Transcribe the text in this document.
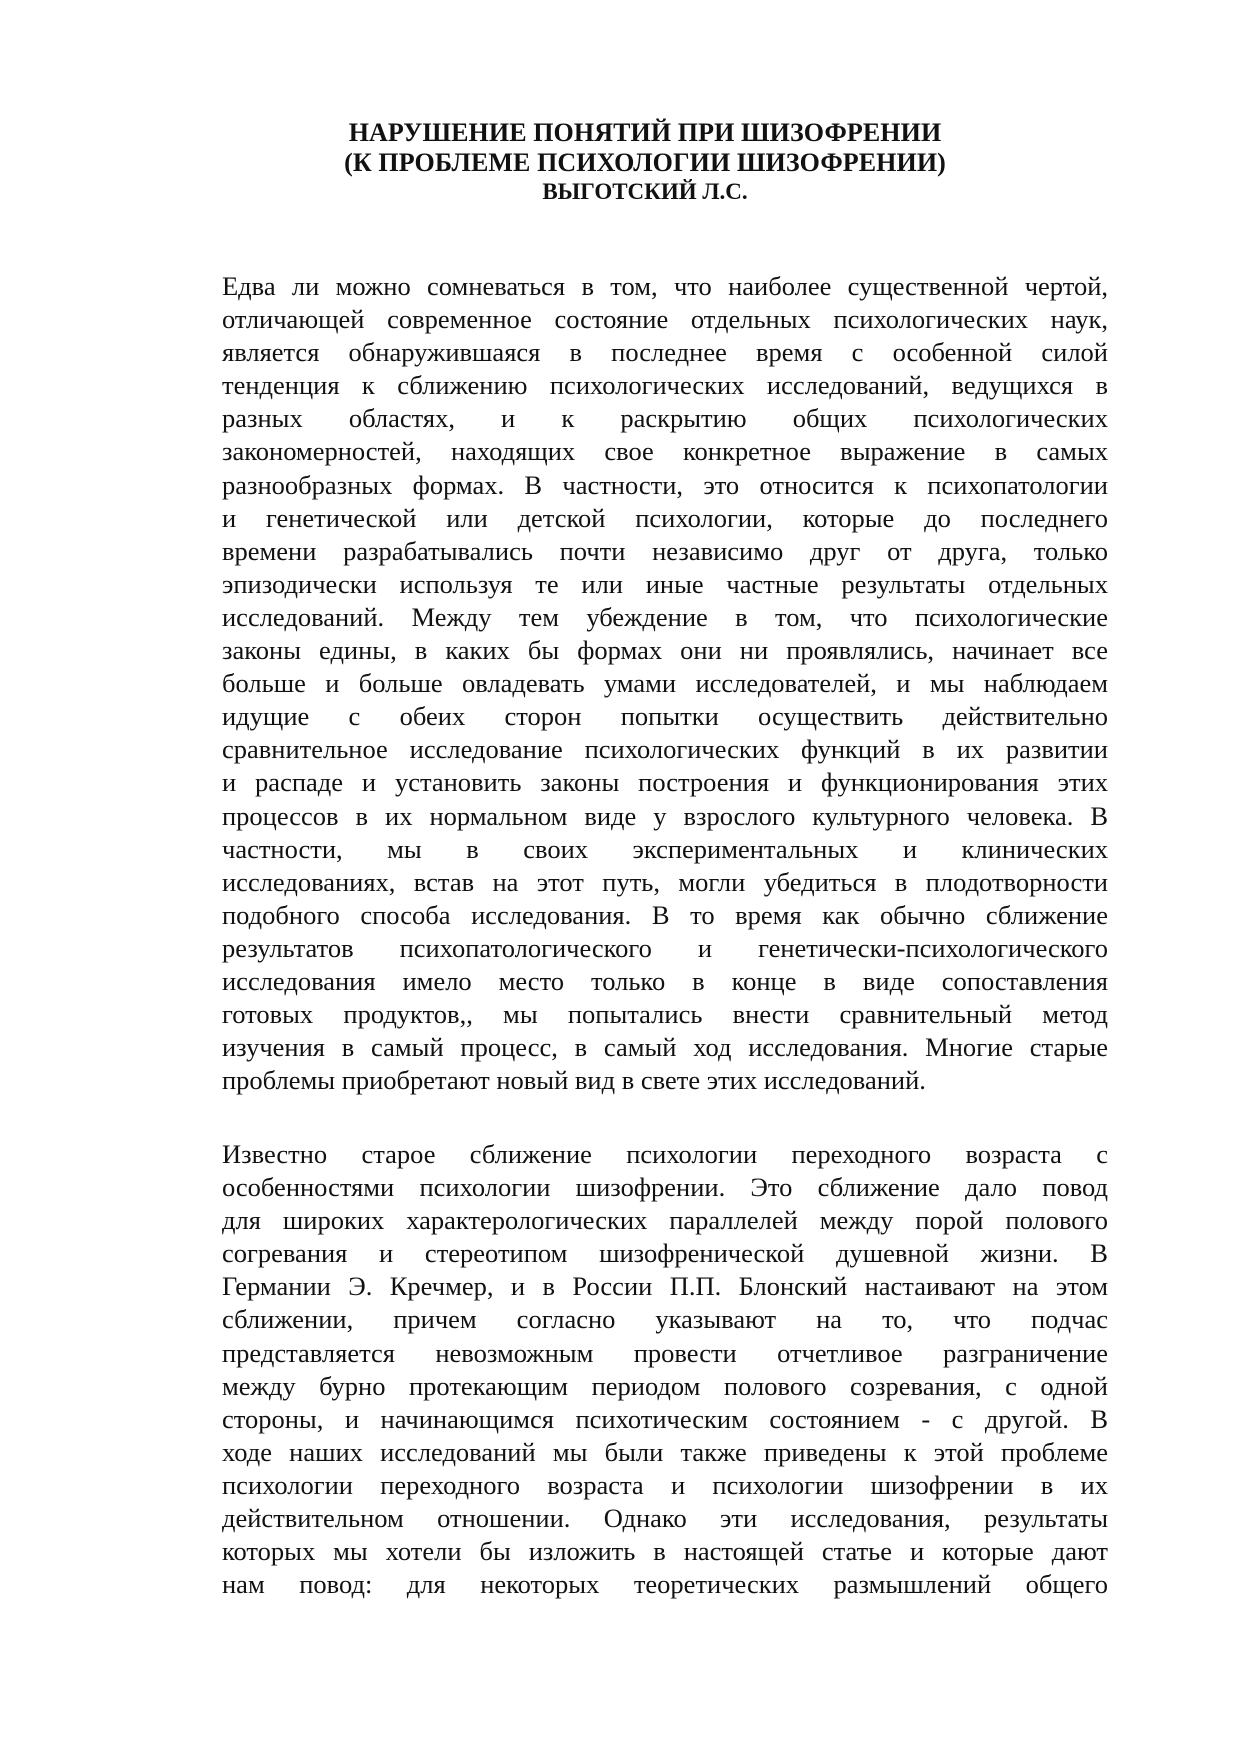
НАРУШЕНИЕ ПОНЯТИЙ ПРИ ШИЗОФРЕНИИ
(К ПРОБЛЕМЕ ПСИХОЛОГИИ ШИЗОФРЕНИИ)
ВЫГОТСКИЙ Л.С.
Едва ли можно сомневаться в том, что наиболее существенной чертой,
отличающей современное состояние отдельных психологических наук,
является обнаружившаяся в последнее время с особенной силой
тенденция к сближению психологических исследований, ведущихся в
разных областях, и к раскрытию общих психологических
закономерностей, находящих свое конкретное выражение в самых
разнообразных формах. В частности, это относится к психопатологии
и генетической или детской психологии, которые до последнего
времени разрабатывались почти независимо друг от друга, только
эпизодически используя те или иные частные результаты отдельных
исследований. Между тем убеждение в том, что психологические
законы едины, в каких бы формах они ни проявлялись, начинает все
больше и больше овладевать умами исследователей, и мы наблюдаем
идущие с обеих сторон попытки осуществить действительно
сравнительное исследование психологических функций в их развитии
и распаде и установить законы построения и функционирования этих
процессов в их нормальном виде у взрослого культурного человека. В
частности, мы в своих экспериментальных и клинических
исследованиях, встав на этот путь, могли убедиться в плодотворности
подобного способа исследования. В то время как обычно сближение
результатов психопатологического и генетически-психологического
исследования имело место только в конце в виде сопоставления
готовых продуктов,, мы попытались внести сравнительный метод
изучения в самый процесс, в самый ход исследования. Многие старые
проблемы приобретают новый вид в свете этих исследований.
Известно старое сближение психологии переходного возраста с
особенностями психологии шизофрении. Это сближение дало повод
для широких характерологических параллелей между порой полового
согревания и стереотипом шизофренической душевной жизни. В
Германии Э. Кречмер, и в России П.П. Блонский настаивают на этом
сближении, причем согласно указывают на то, что подчас
представляется невозможным провести отчетливое разграничение
между бурно протекающим периодом полового созревания, с одной
стороны, и начинающимся психотическим состоянием - с другой. В
ходе наших исследований мы были также приведены к этой проблеме
психологии переходного возраста и психологии шизофрении в их
действительном отношении. Однако эти исследования, результаты
которых мы хотели бы изложить в настоящей статье и которые дают
нам повод: для некоторых теоретических размышлений общего
